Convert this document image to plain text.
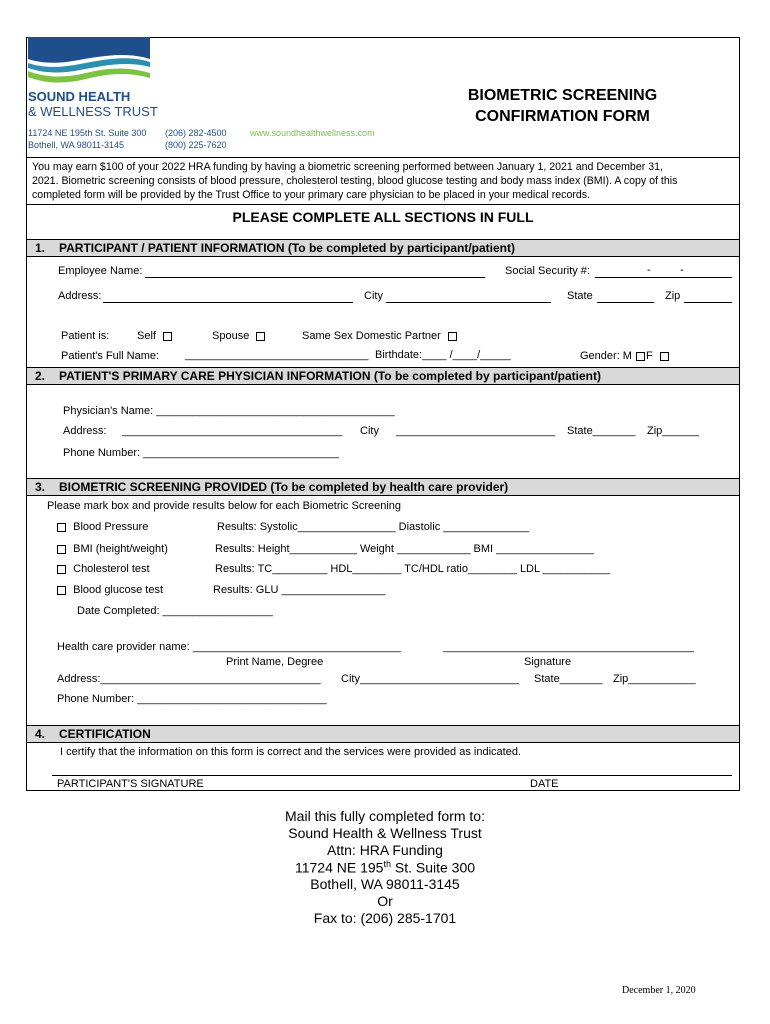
SOUND HEALTH
& WELLNESS TRUST
11724 NE 195th St. Suite 300
Bothell, WA 98011-3145
(206) 282-4500
(800) 225-7620
www.soundhealthwellness.com
BIOMETRIC SCREENING
CONFIRMATION FORM
You may earn $100 of your 2022 HRA funding by having a biometric screening performed between January 1, 2021 and December 31,
2021. Biometric screening consists of blood pressure, cholesterol testing, blood glucose testing and body mass index (BMI). A copy of this
completed form will be provided by the Trust Office to your primary care physician to be placed in your medical records.
PLEASE COMPLETE ALL SECTIONS IN FULL
1. PARTICIPANT / PATIENT INFORMATION (To be completed by participant/patient)
Employee Name:	Social Security #:	-	-
Address:	City	State	Zip
Patient is:	Self	Spouse	Same Sex Domestic Partner
Patient's Full Name: ______________________________ Birthdate:____ /____/_____	Gender: M F
2. PATIENT'S PRIMARY CARE PHYSICIAN INFORMATION (To be completed by participant/patient)
Physician's Name: _______________________________________
Address: ____________________________________ City __________________________ State_______ Zip______
Phone Number: ________________________________
3. BIOMETRIC SCREENING PROVIDED (To be completed by health care provider)
Please mark box and provide results below for each Biometric Screening
Blood Pressure	Results: Systolic________________ Diastolic ______________
BMI (height/weight)	Results: Height___________ Weight ____________ BMI ________________
Cholesterol test	Results: TC_________ HDL________ TC/HDL ratio________ LDL ___________
Blood glucose test	Results: GLU _________________
Date Completed: __________________
Health care provider name: __________________________________	_________________________________________
Print Name, Degree	Signature
Address:____________________________________ City__________________________ State_______ Zip___________
Phone Number: _______________________________
4. CERTIFICATION
I certify that the information on this form is correct and the services were provided as indicated.
PARTICIPANT'S SIGNATURE	DATE
Mail this fully completed form to:
Sound Health & Wellness Trust
Attn: HRA Funding
11724 NE 195th St. Suite 300
Bothell, WA 98011-3145
Or
Fax to: (206) 285-1701
December 1, 2020
